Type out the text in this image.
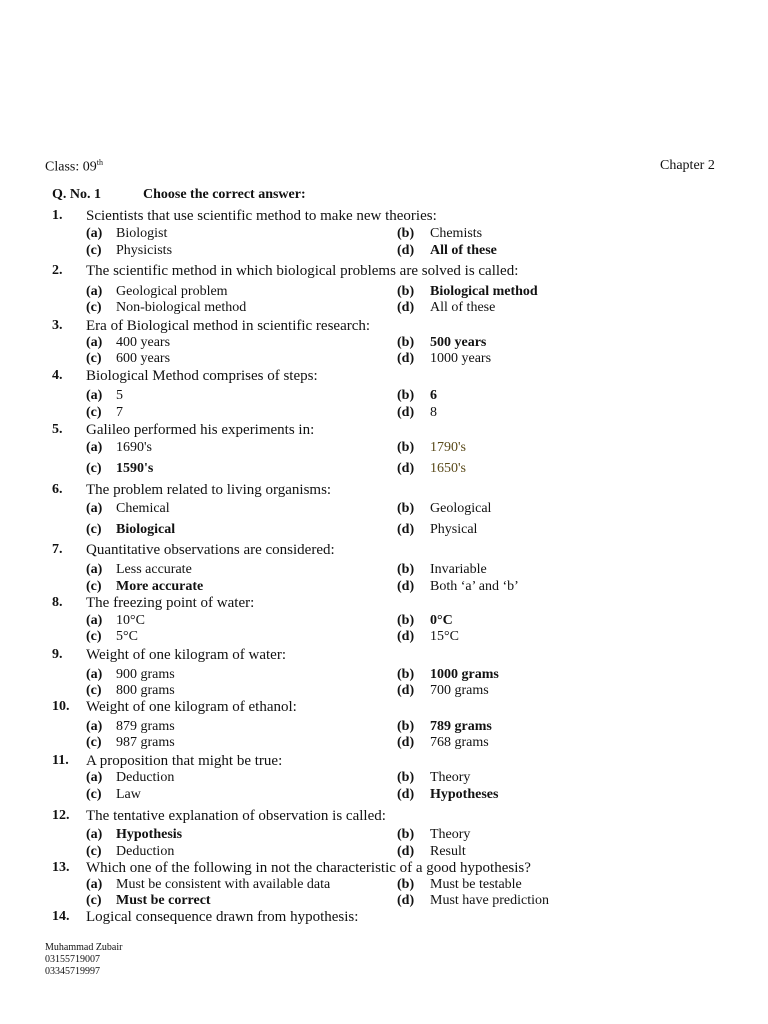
Class: 09th	Chapter 2
Q. No. 1	Choose the correct answer:
1. Scientists that use scientific method to make new theories:
(a) Biologist	(b) Chemists
(c) Physicists	(d) All of these
2. The scientific method in which biological problems are solved is called:
(a) Geological problem	(b) Biological method
(c) Non-biological method	(d) All of these
3. Era of Biological method in scientific research:
(a) 400 years	(b) 500 years
(c) 600 years	(d) 1000 years
4. Biological Method comprises of steps:
(a) 5	(b) 6
(c) 7	(d) 8
5. Galileo performed his experiments in:
(a) 1690's	(b) 1790's
(c) 1590's	(d) 1650's
6. The problem related to living organisms:
(a) Chemical	(b) Geological
(c) Biological	(d) Physical
7. Quantitative observations are considered:
(a) Less accurate	(b) Invariable
(c) More accurate	(d) Both ‘a’ and ‘b’
8. The freezing point of water:
(a) 10°C	(b) 0°C
(c) 5°C	(d) 15°C
9. Weight of one kilogram of water:
(a) 900 grams	(b) 1000 grams
(c) 800 grams	(d) 700 grams
10. Weight of one kilogram of ethanol:
(a) 879 grams	(b) 789 grams
(c) 987 grams	(d) 768 grams
11. A proposition that might be true:
(a) Deduction	(b) Theory
(c) Law	(d) Hypotheses
12. The tentative explanation of observation is called:
(a) Hypothesis	(b) Theory
(c) Deduction	(d) Result
13. Which one of the following in not the characteristic of a good hypothesis?
(a) Must be consistent with available data	(b) Must be testable
(c) Must be correct	(d) Must have prediction
14. Logical consequence drawn from hypothesis:
Muhammad Zubair
03155719007
03345719997
